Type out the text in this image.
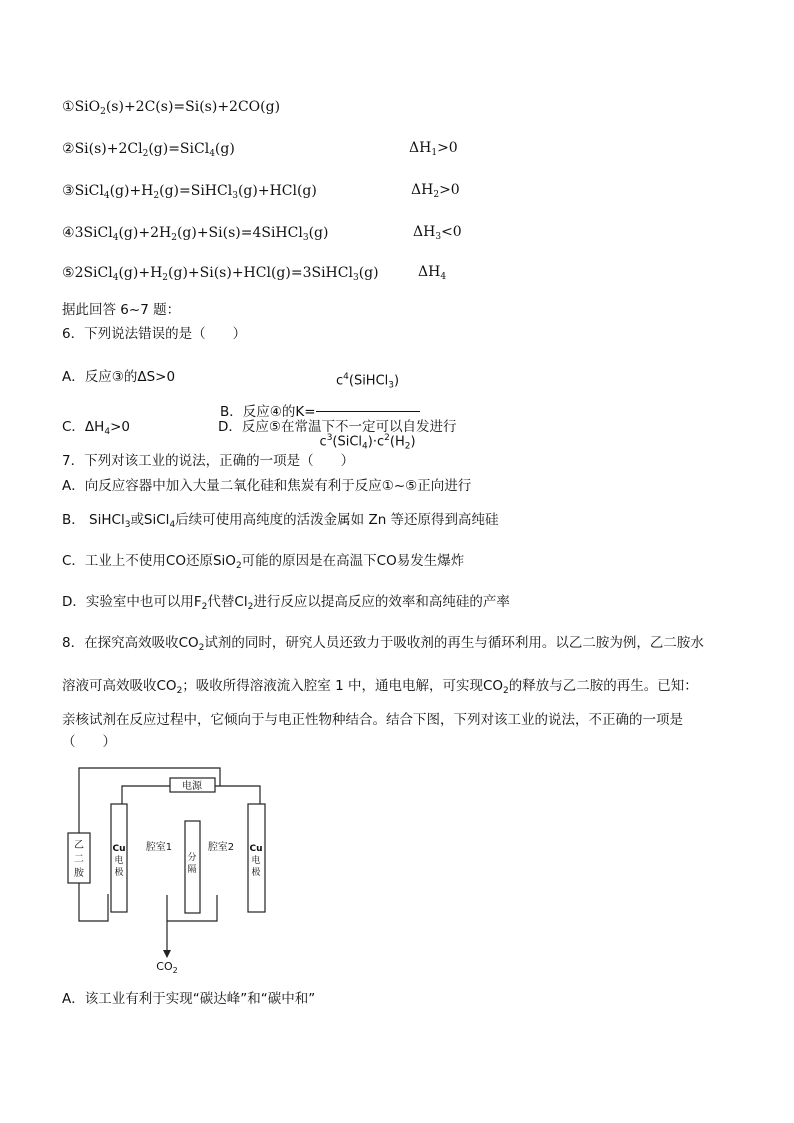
①SiO$_2$(s)+2C(s)=Si(s)+2CO(g)
$②Si(s)+2Cl_2(g)=SiCl_4(g)$	$\Delta H_1>0$
$③SiCl_4(g)+H_2(g)=SiHCl_3(g)+HCl(g)$	$\Delta H_2>0$
$④3SiCl_4(g)+2H_2(g)+Si(s)=4SiHCl_3(g)$	$\Delta H_3<0$
$⑤2SiCl_4(g)+H_2(g)+Si(s)+HCl(g)=3SiHCl_3(g)$	$\Delta H_4$
据此回答 6~7 题：
6．下列说法错误的是（　　）
A．反应③的ΔS>0
B．反应④的$K= \frac{c^4(SiHCl_3)}{c^3(SiCl_4)\cdot c^2(H_2)}$
C．$\Delta H_4>0$	D．反应⑤在常温下不一定可以自发进行
7．下列对该工业的说法，正确的一项是（　　）
A．向反应容器中加入大量二氧化硅和焦炭有利于反应①~⑤正向进行
B． SiHCl$_3$或SiCl$_4$后续可使用高纯度的活泼金属如 Zn 等还原得到高纯硅
C．工业上不使用CO还原SiO$_2$可能的原因是在高温下CO易发生爆炸
D．实验室中也可以用$F_2$代替$Cl_2$进行反应以提高反应的效率和高纯硅的产率
8．在探究高效吸收$CO_2$试剂的同时，研究人员还致力于吸收剂的再生与循环利用。以乙二胺为例，乙二胺水
溶液可高效吸收$CO_2$；吸收所得溶液流入腔室 1 中，通电电解，可实现$CO_2$的释放与乙二胺的再生。已知：
亲核试剂在反应过程中，它倾向于与电正性物种结合。结合下图，下列对该工业的说法，不正确的一项是
（　　）
电源
乙
二
胺
Cu
电
极
Cu
电
极
腔室1	腔室2
分
隔
$CO_2$
A．该工业有利于实现“碳达峰”和“碳中和”
